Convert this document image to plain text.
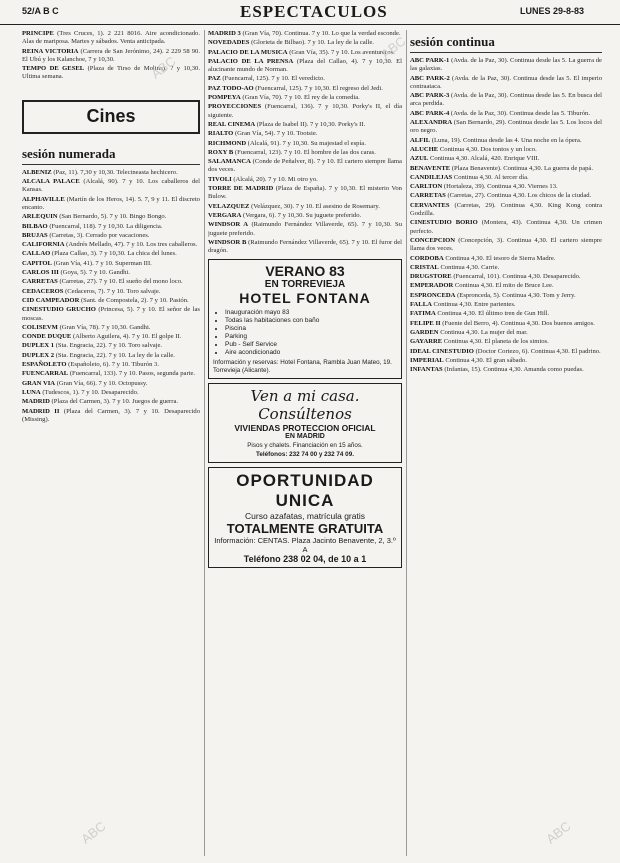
52/A B C	ESPECTACULOS	LUNES 29-8-83

PRINCIPE (Tres Cruces, 1). 2 221 8016. Aire acondicionado. Alas de mariposa. Martes y sábados. Venta anticipada.

REINA VICTORIA (Carrera de San Jerónimo, 24). 2 229 58 90. El Ubú y los Kalanchoe, 7 y 10,30.

TEMPO DE GESEL (Plaza de Tirso de Molina). 7 y 10,30. Ultima semana.

Cines
sesión numerada

ALBENIZ (Paz, 11). 7,30 y 10,30. Telecineasta hechicero.

ALCALA PALACE (Alcalá, 90). 7 y 10. Los caballeros del Kansas.

ALPHAVILLE (Martín de los Heros, 14). 5. 7, 9 y 11. El discreto encanto.

ARLEQUIN (San Bernardo, 5). 7 y 10. Bingo Bongo.

BILBAO (Fuencarral, 118). 7 y 10,30. La diligencia.

BRUJAS (Carretas, 3). Cerrado por vacaciones.

CALIFORNIA (Andrés Mellado, 47). 7 y 10. Los tres caballeros.

CALLAO (Plaza Callao, 3). 7 y 10,30. La chica del lunes.

CAPITOL (Gran Vía, 41). 7 y 10. Superman III.

CARLOS III (Goya, 5). 7 y 10. Gandhi.

CARRETAS (Carretas, 27). 7 y 10. El sueño del mono loco.

CEDACEROS (Cedaceros, 7). 7 y 10. Toro salvaje.

CID CAMPEADOR (Sant. de Compostela, 2). 7 y 10. Pasión.

CINESTUDIO GRUCHO (Princesa, 5). 7 y 10. El señor de las moscas.

COLISEVM (Gran Vía, 78). 7 y 10,30. Gandhi.

CONDE DUQUE (Alberto Aguilera, 4). 7 y 10. El golpe II.

DUPLEX 1 (Sta. Engracia, 22). 7 y 10. Toro salvaje.

DUPLEX 2 (Sta. Engracia, 22). 7 y 10. La ley de la calle.

ESPAÑOLETO (Españoleto, 6). 7 y 10. Tiburón 3.

FUENCARRAL (Fuencarral, 133). 7 y 10. Pasos, segunda parte.

GRAN VIA (Gran Vía, 66). 7 y 10. Octopussy.

LUNA (Tudescos, 1). 7 y 10. Desaparecido.

MADRID (Plaza del Carmen, 3). 7 y 10. Juegos de guerra.

MADRID II (Plaza del Carmen, 3). 7 y 10. Desaparecido (Missing).

MADRID 3 (Gran Vía, 70). Continua. 7 y 10. Lo que la verdad esconde.

NOVEDADES (Glorieta de Bilbao). 7 y 10. La ley de la calle.

PALACIO DE LA MUSICA (Gran Vía, 35). 7 y 10. Los aventureros.

PALACIO DE LA PRENSA (Plaza del Callao, 4). 7 y 10,30. El alucinante mundo de Norman.

PAZ (Fuencarral, 125). 7 y 10. El veredicto.

PAZ TODO-AO (Fuencarral, 125). 7 y 10,30. El regreso del Jedi.

POMPEYA (Gran Vía, 70). 7 y 10. El rey de la comedia.

PROYECCIONES (Fuencarral, 136). 7 y 10,30. Porky's II, el día siguiente.

REAL CINEMA (Plaza de Isabel II). 7 y 10,30. Porky's II.

RIALTO (Gran Vía, 54). 7 y 10. Tootsie.

RICHMOND (Alcalá, 91). 7 y 10,30. Su majestad el espía.

ROXY B (Fuencarral, 123). 7 y 10. El hombre de las dos caras.

SALAMANCA (Conde de Peñalver, 8). 7 y 10. El cartero siempre llama dos veces.

TIVOLI (Alcalá, 20). 7 y 10. Mi otro yo.

TORRE DE MADRID (Plaza de España). 7 y 10,30. El misterio Von Bulow.

VELAZQUEZ (Velázquez, 30). 7 y 10. El asesino de Rosemary.

VERGARA (Vergara, 6). 7 y 10,30. Su juguete preferido.

WINDSOR A (Raimundo Fernández Villaverde, 65). 7 y 10,30. Su juguete preferido.

WINDSOR B (Raimundo Fernández Villaverde, 65). 7 y 10. El furor del dragón.

VERANO 83
EN TORREVIEJA
HOTEL FONTANA
• Inauguración mayo 83
• Todas las habitaciones con baño
• Piscina
• Parking
• Pub - Self Service
• Aire acondicionado
Información y reservas: Hotel Fontana, Rambla Juan Mateo, 19. Torrevieja (Alicante).
Ven a mi casa. Consúltenos
VIVIENDAS PROTECCION OFICIAL
EN MADRID
Pisos y chalets. Financiación en 15 años.
Teléfonos: 232 74 00 y 232 74 09.
OPORTUNIDAD UNICA
Curso azafatas, matrícula gratis
TOTALMENTE GRATUITA
Información: CENTAS. Plaza Jacinto Benavente, 2, 3.º A
Teléfono 238 02 04, de 10 a 1
sesión continua

ABC PARK-1 (Avda. de la Paz, 30). Continua desde las 5. La guerra de las galaxias.

ABC PARK-2 (Avda. de la Paz, 30). Continua desde las 5. El imperio contraataca.

ABC PARK-3 (Avda. de la Paz, 30). Continua desde las 5. En busca del arca perdida.

ABC PARK-4 (Avda. de la Paz, 30). Continua desde las 5. Tiburón.

ALEXANDRA (San Bernardo, 29). Continua desde las 5. Los locos del oro negro.

ALFIL (Luna, 19). Continua desde las 4. Una noche en la ópera.

ALUCHE Continua 4,30. Dos tontos y un loco.

AZUL Continua 4,30. Alcalá, 420. Enrique VIII.

BENAVENTE (Plaza Benavente). Continua 4,30. La guerra de papá.

CANDILEJAS Continua 4,30. Al tercer día.

CARLTON (Hortaleza, 39). Continua 4,30. Viernes 13.

CARRETAS (Carretas, 27). Continua 4,30. Los chicos de la ciudad.

CERVANTES (Carretas, 29). Continua 4,30. King Kong contra Godzilla.

CINESTUDIO BORIO (Montera, 43). Continua 4,30. Un crimen perfecto.

CONCEPCION (Concepción, 3). Continua 4,30. El cartero siempre llama dos veces.

CORDOBA Continua 4,30. El tesoro de Sierra Madre.

CRISTAL Continua 4,30. Carrie.

DRUGSTORE (Fuencarral, 101). Continua 4,30. Desaparecido.

EMPERADOR Continua 4,30. El mito de Bruce Lee.

ESPRONCEDA (Espronceda, 5). Continua 4,30. Tom y Jerry.

FALLA Continua 4,30. Entre parientes.

FATIMA Continua 4,30. El último tren de Gun Hill.

FELIPE II (Fuente del Berro, 4). Continua 4,30. Dos buenos amigos.

GARDEN Continua 4,30. La mujer del mar.

GAYARRE Continua 4,30. El planeta de los simios.

IDEAL CINESTUDIO (Doctor Cortezo, 6). Continua 4,30. El padrino.

IMPERIAL Continua 4,30. El gran sábado.

INFANTAS (Infantas, 15). Continua 4,30. Amanda como puedas.

ABC
ABC
ABC	ABC
